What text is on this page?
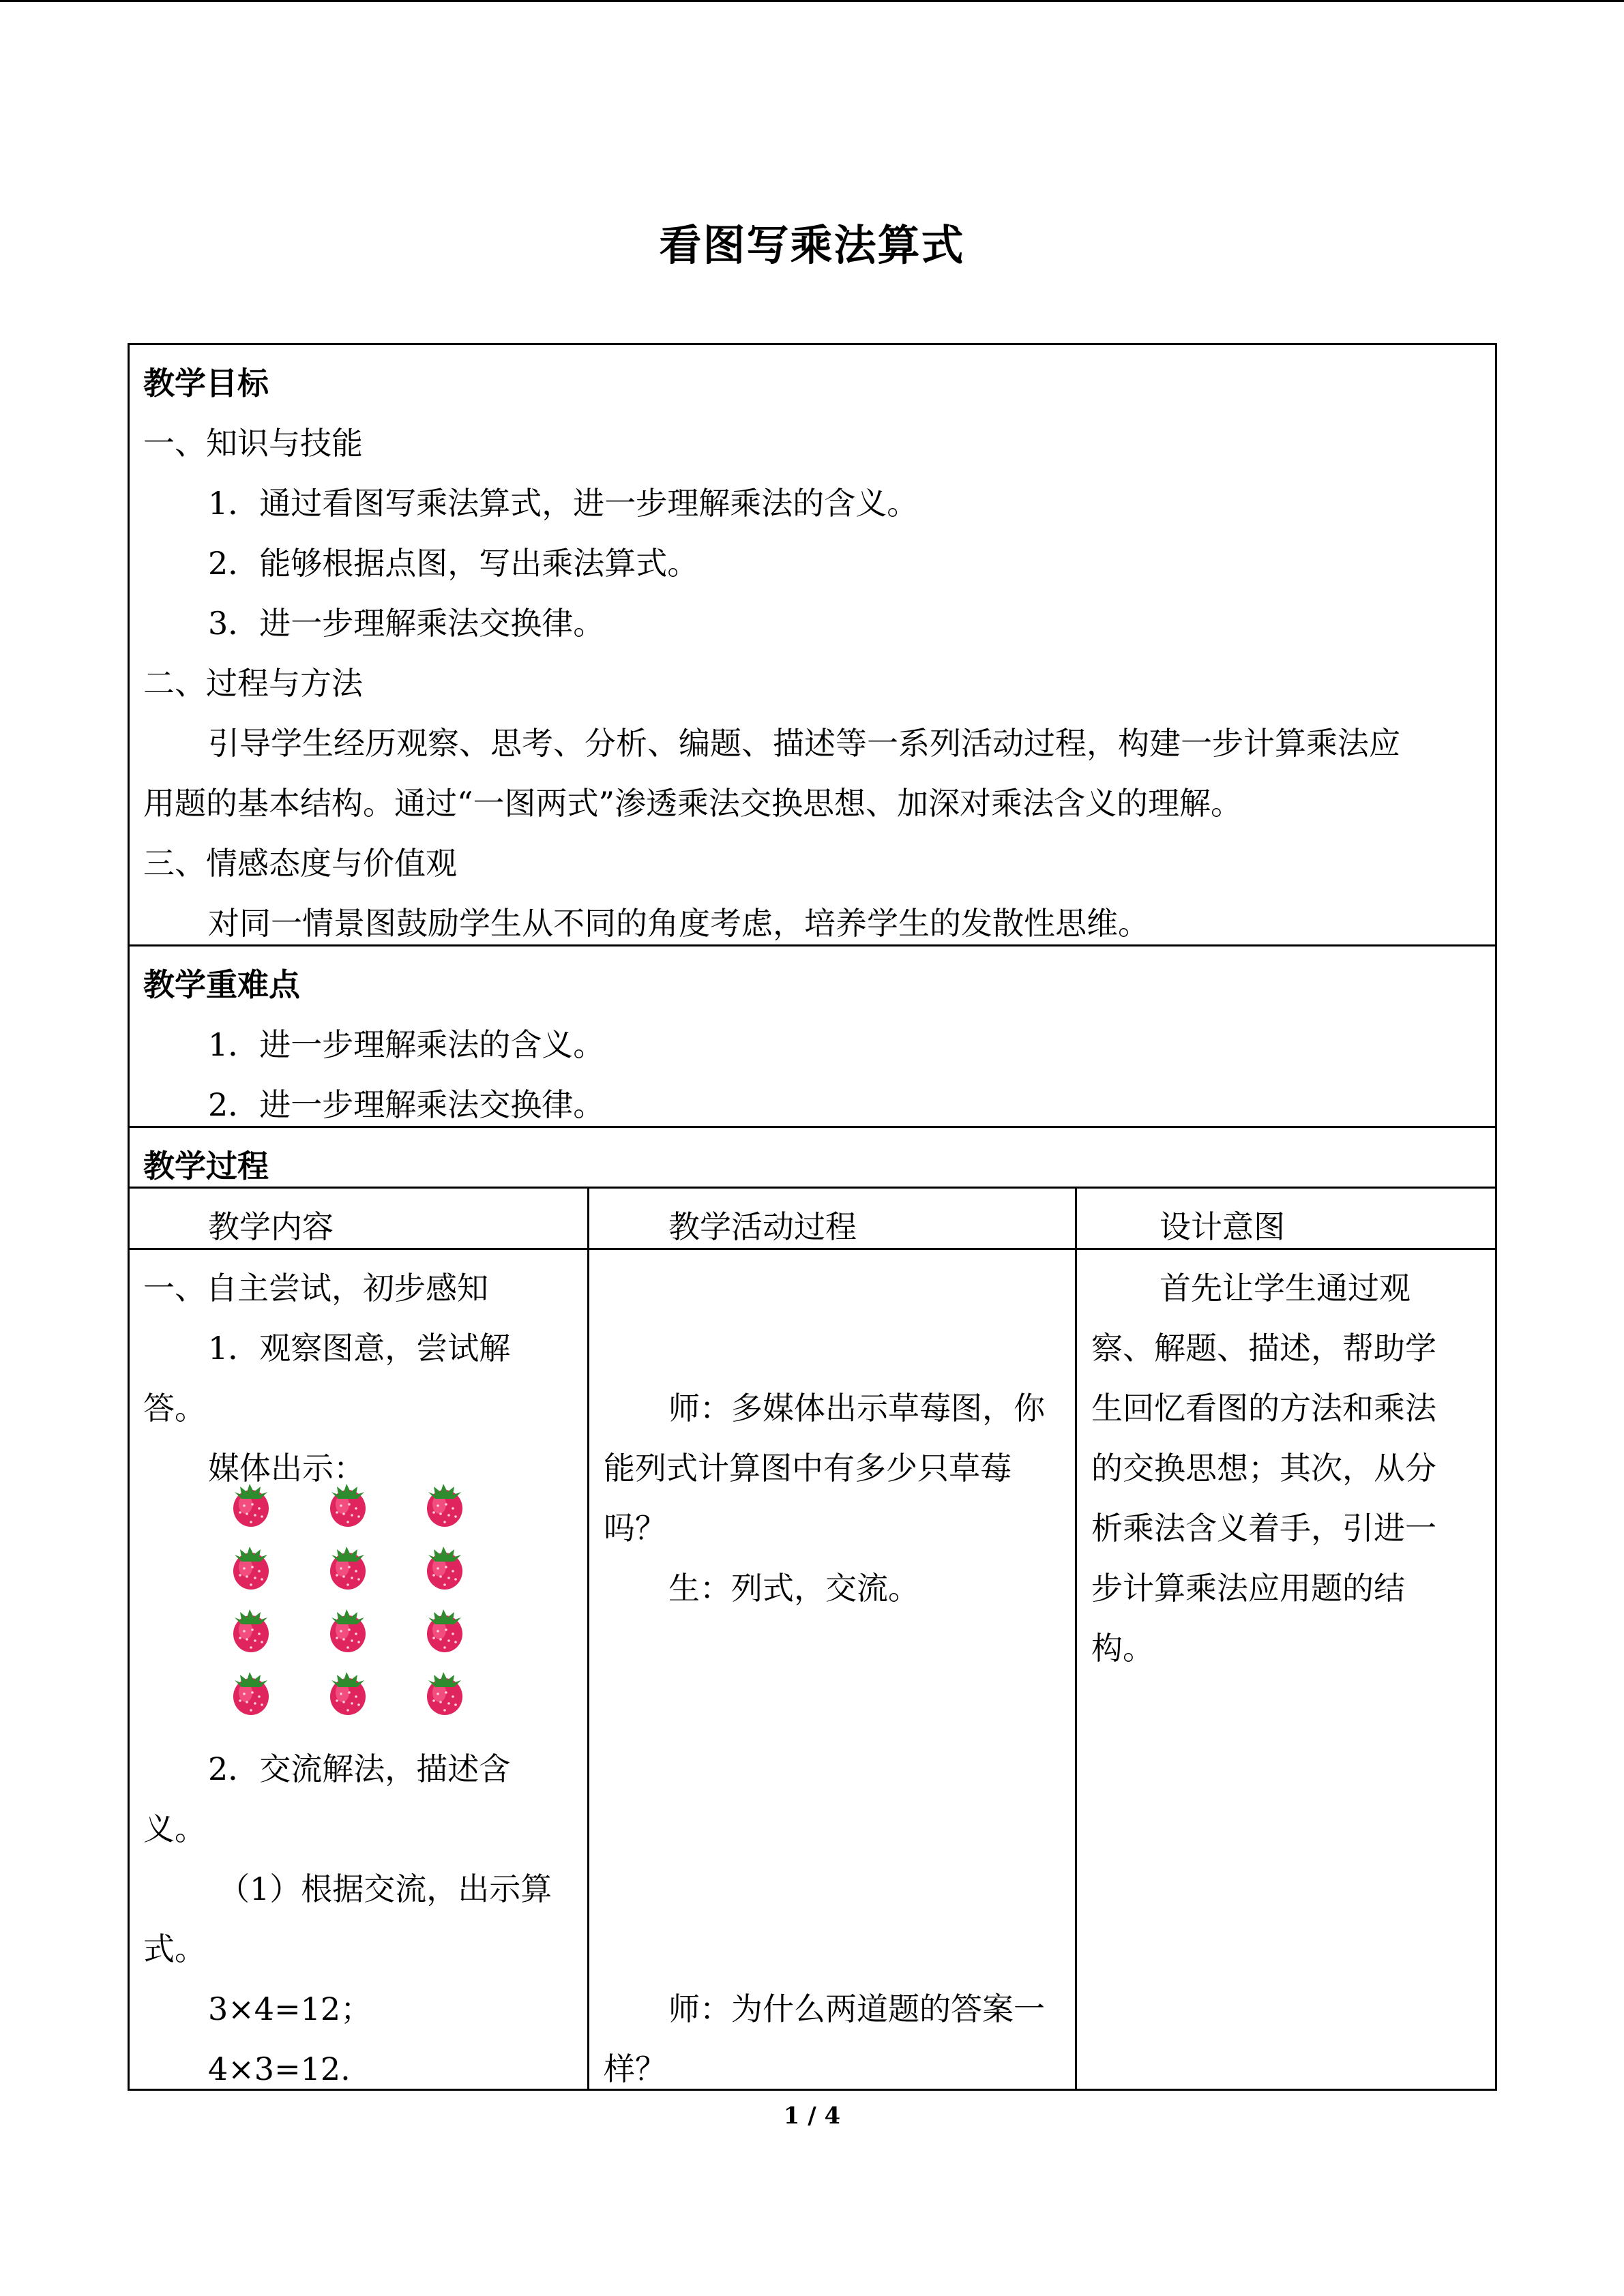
看图写乘法算式
教学目标
一、知识与技能
1．通过看图写乘法算式，进一步理解乘法的含义。
2．能够根据点图，写出乘法算式。
3．进一步理解乘法交换律。
二、过程与方法
引导学生经历观察、思考、分析、编题、描述等一系列活动过程，构建一步计算乘法应
用题的基本结构。通过“一图两式”渗透乘法交换思想、加深对乘法含义的理解。
三、情感态度与价值观
对同一情景图鼓励学生从不同的角度考虑，培养学生的发散性思维。
教学重难点
1．进一步理解乘法的含义。
2．进一步理解乘法交换律。
教学过程
教学内容	教学活动过程	设计意图
一、自主尝试，初步感知
1．观察图意，尝试解
答。
媒体出示：
2．交流解法，描述含
义。
（1）根据交流，出示算
式。
3×4=12；
4×3=12.
师：多媒体出示草莓图，你
能列式计算图中有多少只草莓
吗？
生：列式，交流。
师：为什么两道题的答案一
样？
首先让学生通过观
察、解题、描述，帮助学
生回忆看图的方法和乘法
的交换思想；其次，从分
析乘法含义着手，引进一
步计算乘法应用题的结
构。
1 / 4
